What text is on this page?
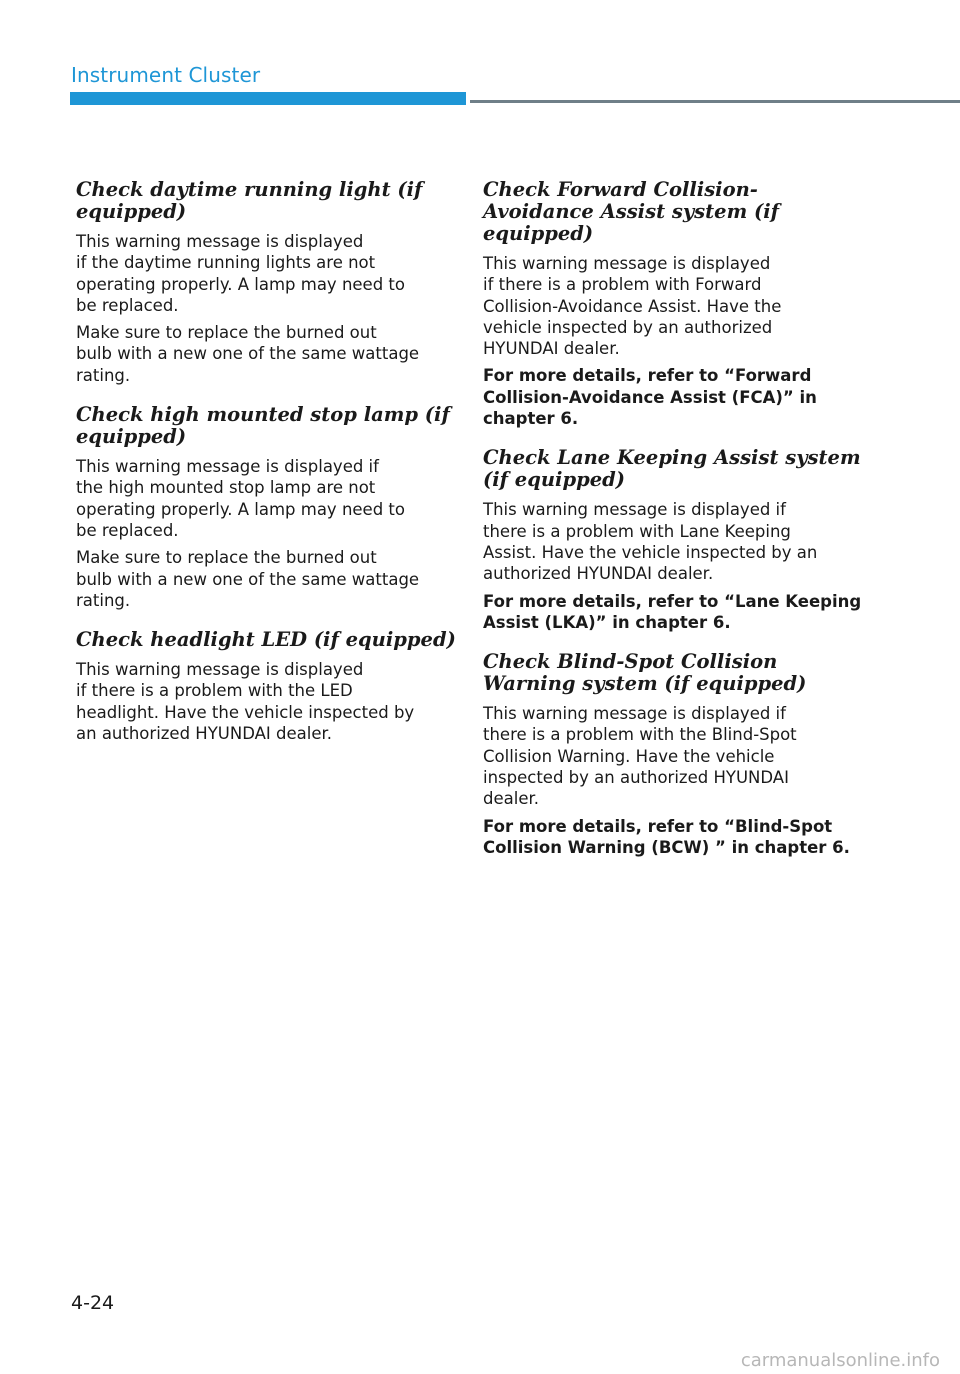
Instrument Cluster
Check daytime running light (if equipped)

This warning message is displayed
if the daytime running lights are not
operating properly. A lamp may need to
be replaced.

Make sure to replace the burned out
bulb with a new one of the same wattage
rating.

Check high mounted stop lamp (if equipped)

This warning message is displayed if
the high mounted stop lamp are not
operating properly. A lamp may need to
be replaced.

Make sure to replace the burned out
bulb with a new one of the same wattage
rating.

Check headlight LED (if equipped)

This warning message is displayed
if there is a problem with the LED
headlight. Have the vehicle inspected by
an authorized HYUNDAI dealer.

Check Forward Collision-Avoidance Assist system (if equipped)

This warning message is displayed
if there is a problem with Forward
Collision-Avoidance Assist. Have the
vehicle inspected by an authorized
HYUNDAI dealer.

For more details, refer to “Forward
Collision-Avoidance Assist (FCA)” in
chapter 6.

Check Lane Keeping Assist system (if equipped)

This warning message is displayed if
there is a problem with Lane Keeping
Assist. Have the vehicle inspected by an
authorized HYUNDAI dealer.

For more details, refer to “Lane Keeping
Assist (LKA)” in chapter 6.

Check Blind-Spot Collision Warning system (if equipped)

This warning message is displayed if
there is a problem with the Blind-Spot
Collision Warning. Have the vehicle
inspected by an authorized HYUNDAI
dealer.

For more details, refer to “Blind-Spot
Collision Warning (BCW) ” in chapter 6.

4-24
carmanualsonline.info
